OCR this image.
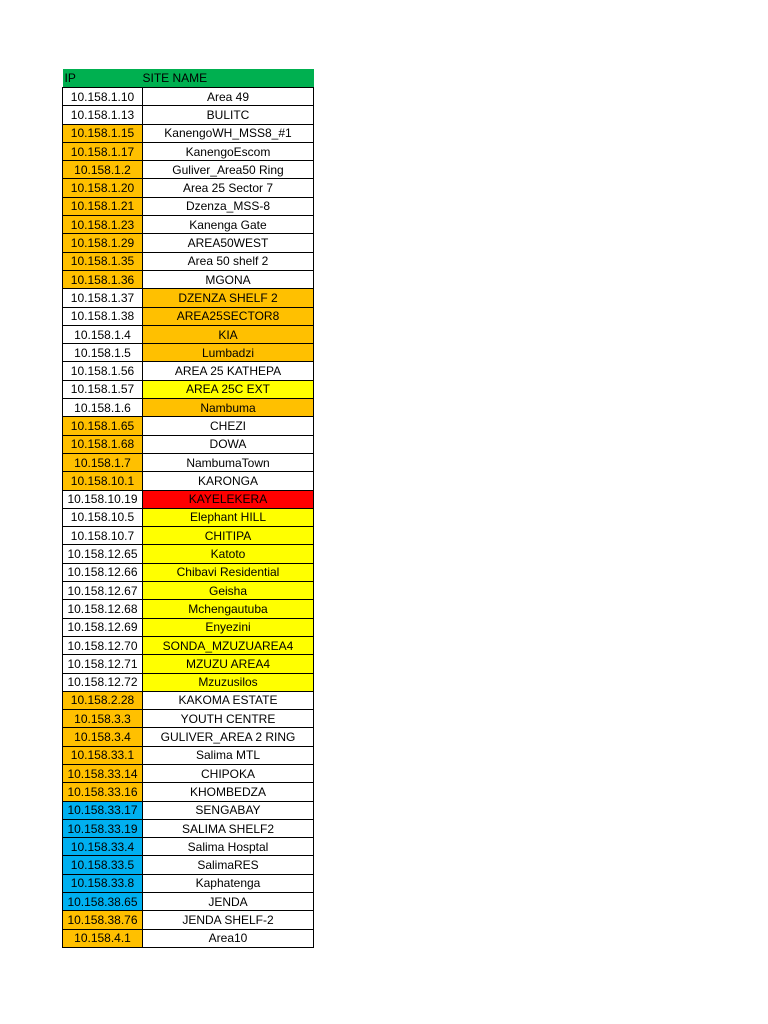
IP	SITE NAME
10.158.1.10	Area 49
10.158.1.13	BULITC
10.158.1.15	KanengoWH_MSS8_#1
10.158.1.17	KanengoEscom
10.158.1.2	Guliver_Area50 Ring
10.158.1.20	Area 25 Sector 7
10.158.1.21	Dzenza_MSS-8
10.158.1.23	Kanenga Gate
10.158.1.29	AREA50WEST
10.158.1.35	Area 50 shelf 2
10.158.1.36	MGONA
10.158.1.37	DZENZA SHELF 2
10.158.1.38	AREA25SECTOR8
10.158.1.4	KIA
10.158.1.5	Lumbadzi
10.158.1.56	AREA 25 KATHEPA
10.158.1.57	AREA 25C EXT
10.158.1.6	Nambuma
10.158.1.65	CHEZI
10.158.1.68	DOWA
10.158.1.7	NambumaTown
10.158.10.1	KARONGA
10.158.10.19	KAYELEKERA
10.158.10.5	Elephant HILL
10.158.10.7	CHITIPA
10.158.12.65	Katoto
10.158.12.66	Chibavi Residential
10.158.12.67	Geisha
10.158.12.68	Mchengautuba
10.158.12.69	Enyezini
10.158.12.70	SONDA_MZUZUAREA4
10.158.12.71	MZUZU AREA4
10.158.12.72	Mzuzusilos
10.158.2.28	KAKOMA ESTATE
10.158.3.3	YOUTH CENTRE
10.158.3.4	GULIVER_AREA 2 RING
10.158.33.1	Salima MTL
10.158.33.14	CHIPOKA
10.158.33.16	KHOMBEDZA
10.158.33.17	SENGABAY
10.158.33.19	SALIMA SHELF2
10.158.33.4	Salima Hosptal
10.158.33.5	SalimaRES
10.158.33.8	Kaphatenga
10.158.38.65	JENDA
10.158.38.76	JENDA SHELF-2
10.158.4.1	Area10
